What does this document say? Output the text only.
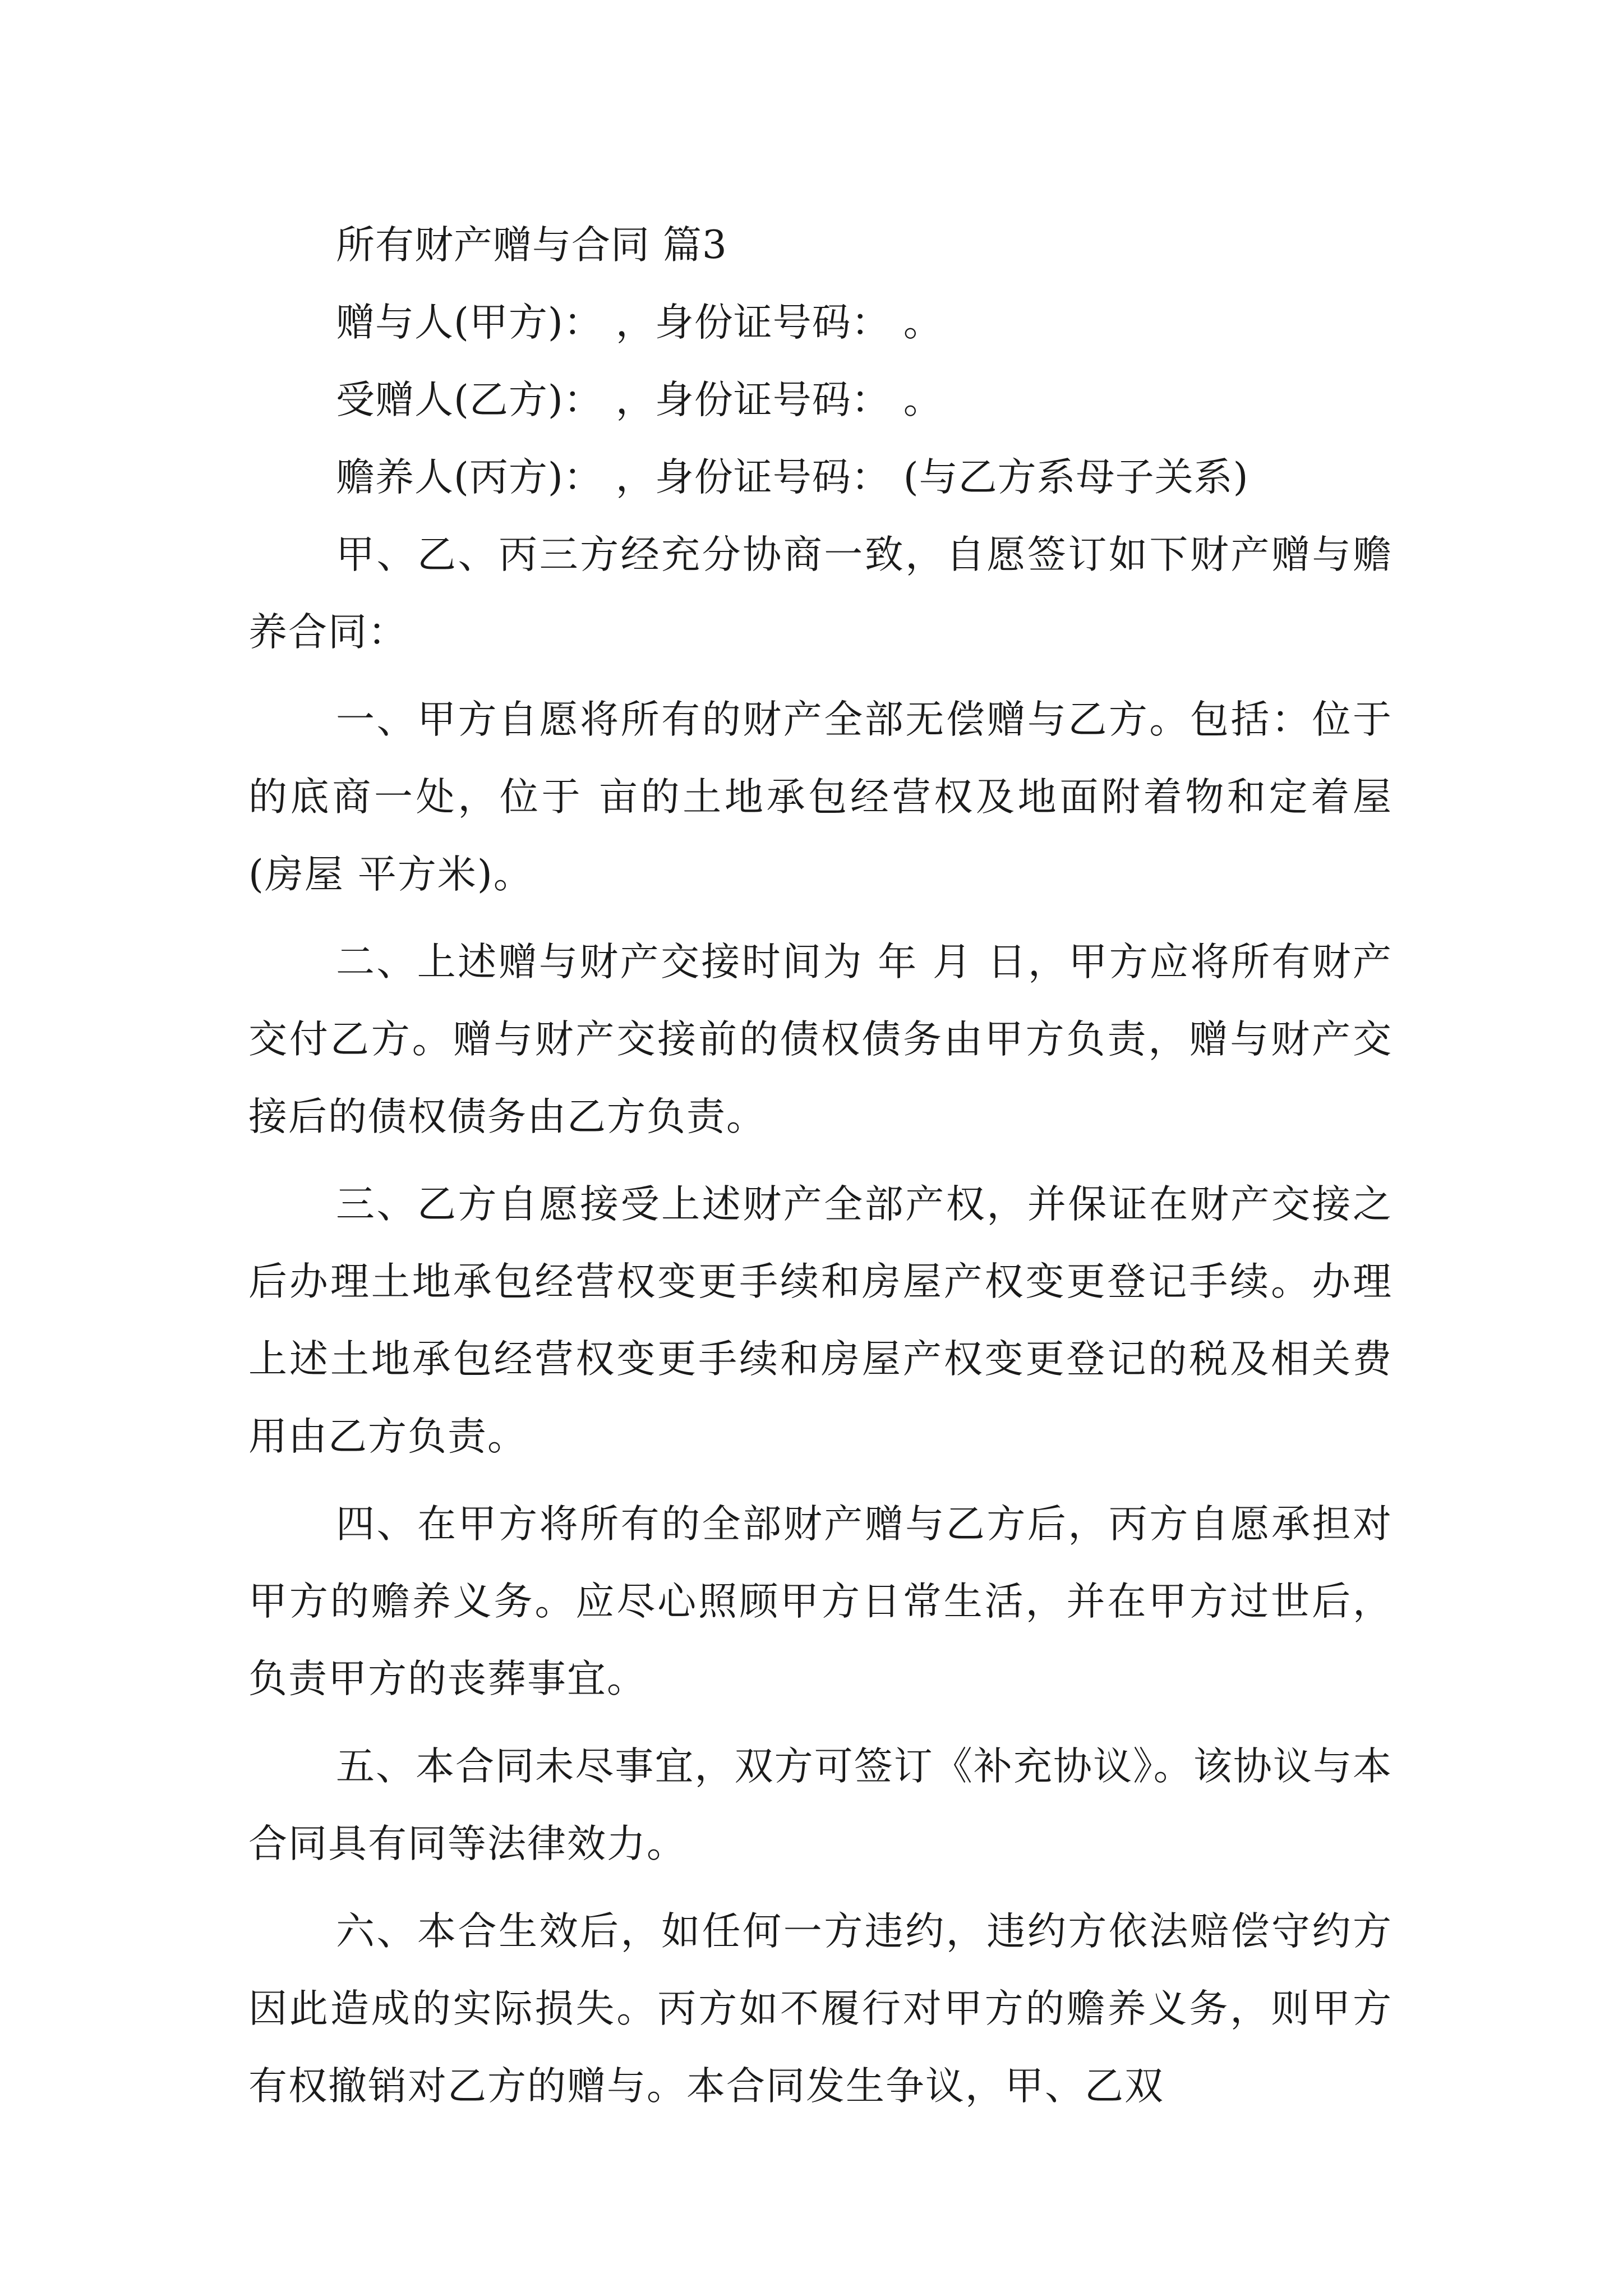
所有财产赠与合同 篇3
赠与人(甲方)： ，身份证号码： 。
受赠人(乙方)： ，身份证号码： 。
赡养人(丙方)： ，身份证号码： (与乙方系母子关系)

甲、乙、丙三方经充分协商一致，自愿签订如下财产赠与赡养合同：

一、甲方自愿将所有的财产全部无偿赠与乙方。包括：位于 的底商一处，位于 亩的土地承包经营权及地面附着物和定着屋(房屋 平方米)。

二、上述赠与财产交接时间为 年 月 日，甲方应将所有财产交付乙方。赠与财产交接前的债权债务由甲方负责，赠与财产交接后的债权债务由乙方负责。

三、乙方自愿接受上述财产全部产权，并保证在财产交接之后办理土地承包经营权变更手续和房屋产权变更登记手续。办理上述土地承包经营权变更手续和房屋产权变更登记的税及相关费用由乙方负责。

四、在甲方将所有的全部财产赠与乙方后，丙方自愿承担对甲方的赡养义务。应尽心照顾甲方日常生活，并在甲方过世后，负责甲方的丧葬事宜。

五、本合同未尽事宜，双方可签订《补充协议》。该协议与本合同具有同等法律效力。

六、本合生效后，如任何一方违约，违约方依法赔偿守约方因此造成的实际损失。丙方如不履行对甲方的赡养义务，则甲方有权撤销对乙方的赠与。本合同发生争议，甲、乙双
